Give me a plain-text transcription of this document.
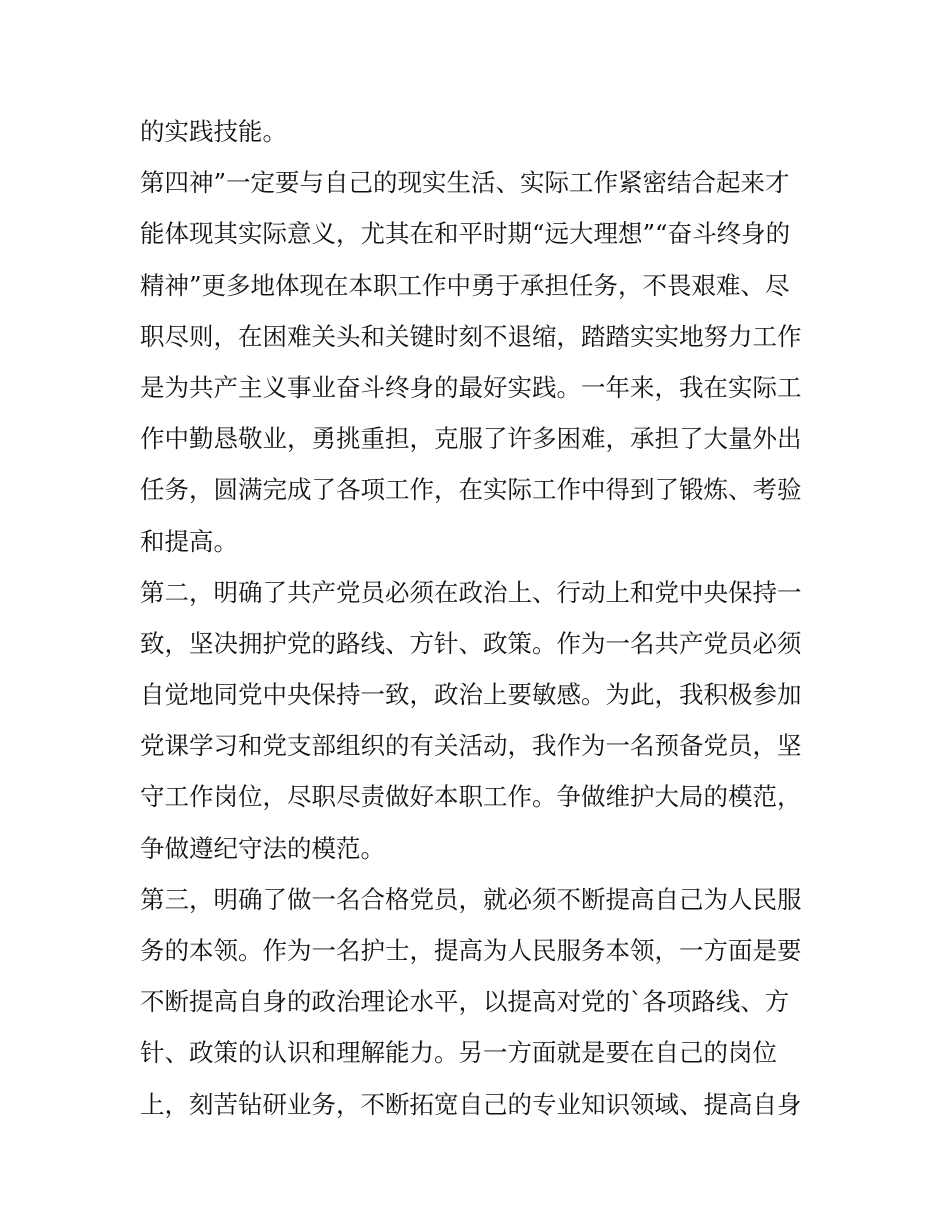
的实践技能。
第四神”一定要与自己的现实生活、实际工作紧密结合起来才
能体现其实际意义，尤其在和平时期“远大理想”“奋斗终身的
精神”更多地体现在本职工作中勇于承担任务，不畏艰难、尽
职尽则，在困难关头和关键时刻不退缩，踏踏实实地努力工作
是为共产主义事业奋斗终身的最好实践。一年来，我在实际工
作中勤恳敬业，勇挑重担，克服了许多困难，承担了大量外出
任务，圆满完成了各项工作，在实际工作中得到了锻炼、考验
和提高。
第二，明确了共产党员必须在政治上、行动上和党中央保持一
致，坚决拥护党的路线、方针、政策。作为一名共产党员必须
自觉地同党中央保持一致，政治上要敏感。为此，我积极参加
党课学习和党支部组织的有关活动，我作为一名预备党员，坚
守工作岗位，尽职尽责做好本职工作。争做维护大局的模范，
争做遵纪守法的模范。
第三，明确了做一名合格党员，就必须不断提高自己为人民服
务的本领。作为一名护士，提高为人民服务本领，一方面是要
不断提高自身的政治理论水平，以提高对党的`各项路线、方
针、政策的认识和理解能力。另一方面就是要在自己的岗位
上，刻苦钻研业务，不断拓宽自己的专业知识领域、提高自身
